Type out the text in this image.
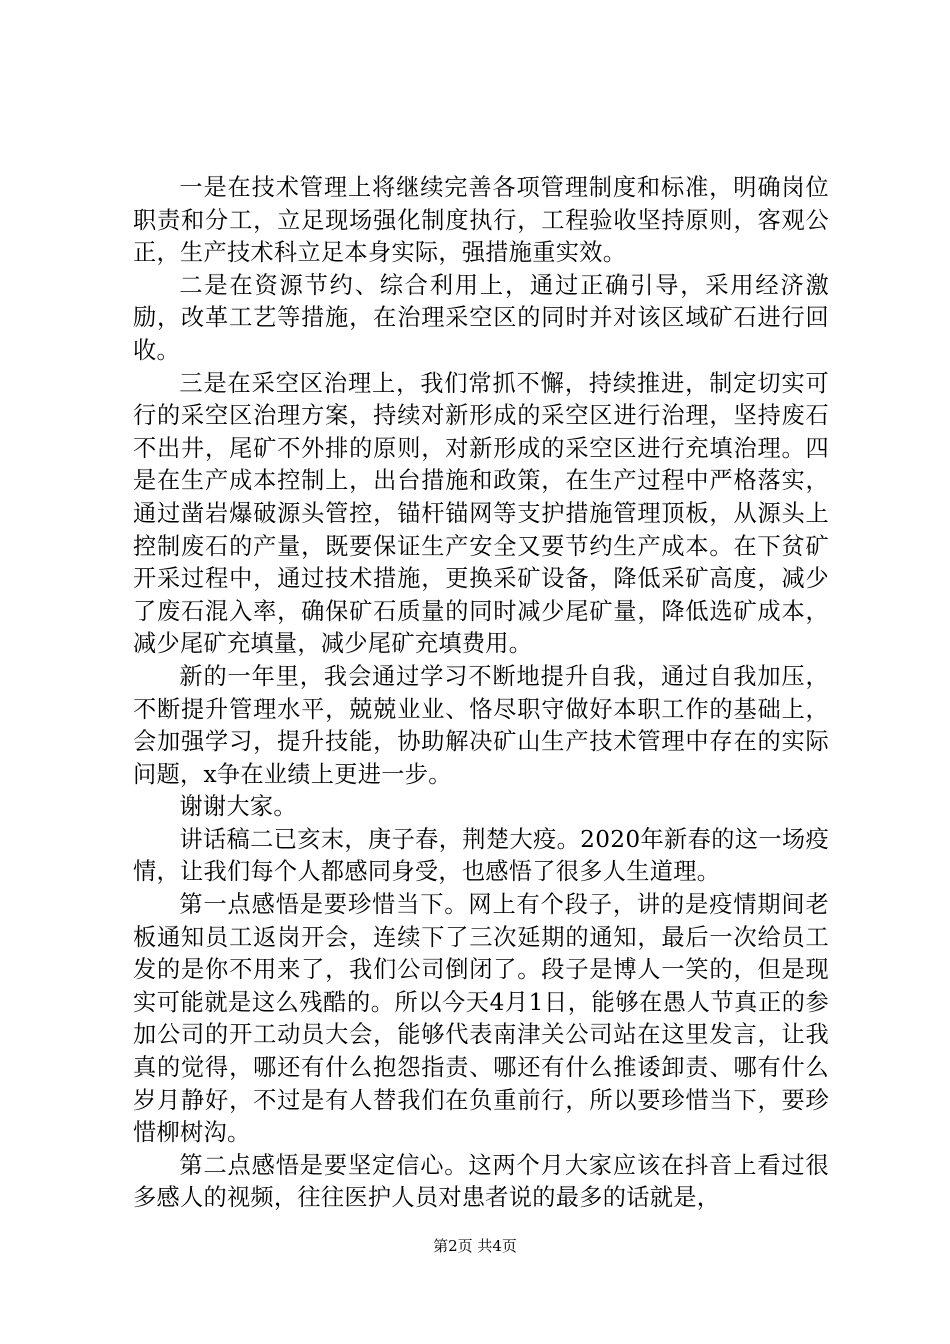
一是在技术管理上将继续完善各项管理制度和标准，明确岗位职责和分工，立足现场强化制度执行，工程验收坚持原则，客观公正，生产技术科立足本身实际，强措施重实效。

二是在资源节约、综合利用上，通过正确引导，采用经济激励，改革工艺等措施，在治理采空区的同时并对该区域矿石进行回收。

三是在采空区治理上，我们常抓不懈，持续推进，制定切实可行的采空区治理方案，持续对新形成的采空区进行治理，坚持废石不出井，尾矿不外排的原则，对新形成的采空区进行充填治理。四是在生产成本控制上，出台措施和政策，在生产过程中严格落实，通过凿岩爆破源头管控，锚杆锚网等支护措施管理顶板，从源头上控制废石的产量，既要保证生产安全又要节约生产成本。在下贫矿开采过程中，通过技术措施，更换采矿设备，降低采矿高度，减少了废石混入率，确保矿石质量的同时减少尾矿量，降低选矿成本，减少尾矿充填量，减少尾矿充填费用。

新的一年里，我会通过学习不断地提升自我，通过自我加压，不断提升管理水平，兢兢业业、恪尽职守做好本职工作的基础上，会加强学习，提升技能，协助解决矿山生产技术管理中存在的实际问题，x争在业绩上更进一步。

谢谢大家。

讲话稿二已亥末，庚子春，荆楚大疫。2020年新春的这一场疫情，让我们每个人都感同身受，也感悟了很多人生道理。

第一点感悟是要珍惜当下。网上有个段子，讲的是疫情期间老板通知员工返岗开会，连续下了三次延期的通知，最后一次给员工发的是你不用来了，我们公司倒闭了。段子是博人一笑的，但是现实可能就是这么残酷的。所以今天4月1日，能够在愚人节真正的参加公司的开工动员大会，能够代表南津关公司站在这里发言，让我真的觉得，哪还有什么抱怨指责、哪还有什么推诿卸责、哪有什么岁月静好，不过是有人替我们在负重前行，所以要珍惜当下，要珍惜柳树沟。

第二点感悟是要坚定信心。这两个月大家应该在抖音上看过很多感人的视频，往往医护人员对患者说的最多的话就是，

第2页 共4页
